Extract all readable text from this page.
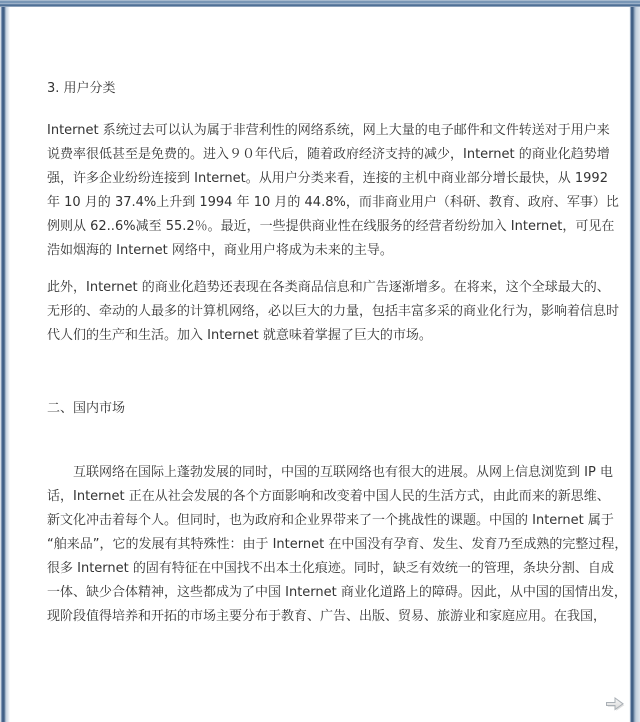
3. 用户分类
Internet 系统过去可以认为属于非营利性的网络系统，网上大量的电子邮件和文件转送对于用户来
说费率很低甚至是免费的。进入９０年代后，随着政府经济支持的减少，Internet 的商业化趋势增
强，许多企业纷纷连接到 Internet。从用户分类来看，连接的主机中商业部分增长最快，从 1992
年 10 月的 37.4%上升到 1994 年 10 月的 44.8%，而非商业用户（科研、教育、政府、军事）比
例则从 62..6%减至 55.2％。最近，一些提供商业性在线服务的经营者纷纷加入 Internet，可见在
浩如烟海的 Internet 网络中，商业用户将成为未来的主导。
此外，Internet 的商业化趋势还表现在各类商品信息和广告逐渐增多。在将来，这个全球最大的、
无形的、牵动的人最多的计算机网络，必以巨大的力量，包括丰富多采的商业化行为，影响着信息时
代人们的生产和生活。加入 Internet 就意味着掌握了巨大的市场。
二、国内市场
互联网络在国际上蓬勃发展的同时，中国的互联网络也有很大的进展。从网上信息浏览到 IP 电
话，Internet 正在从社会发展的各个方面影响和改变着中国人民的生活方式，由此而来的新思维、
新文化冲击着每个人。但同时，也为政府和企业界带来了一个挑战性的课题。中国的 Internet 属于
“舶来品”，它的发展有其特殊性：由于 Internet 在中国没有孕育、发生、发育乃至成熟的完整过程，
很多 Internet 的固有特征在中国找不出本土化痕迹。同时，缺乏有效统一的管理，条块分割、自成
一体、缺少合体精神，这些都成为了中国 Internet 商业化道路上的障碍。因此，从中国的国情出发，
现阶段值得培养和开拓的市场主要分布于教育、广告、出版、贸易、旅游业和家庭应用。在我国，
